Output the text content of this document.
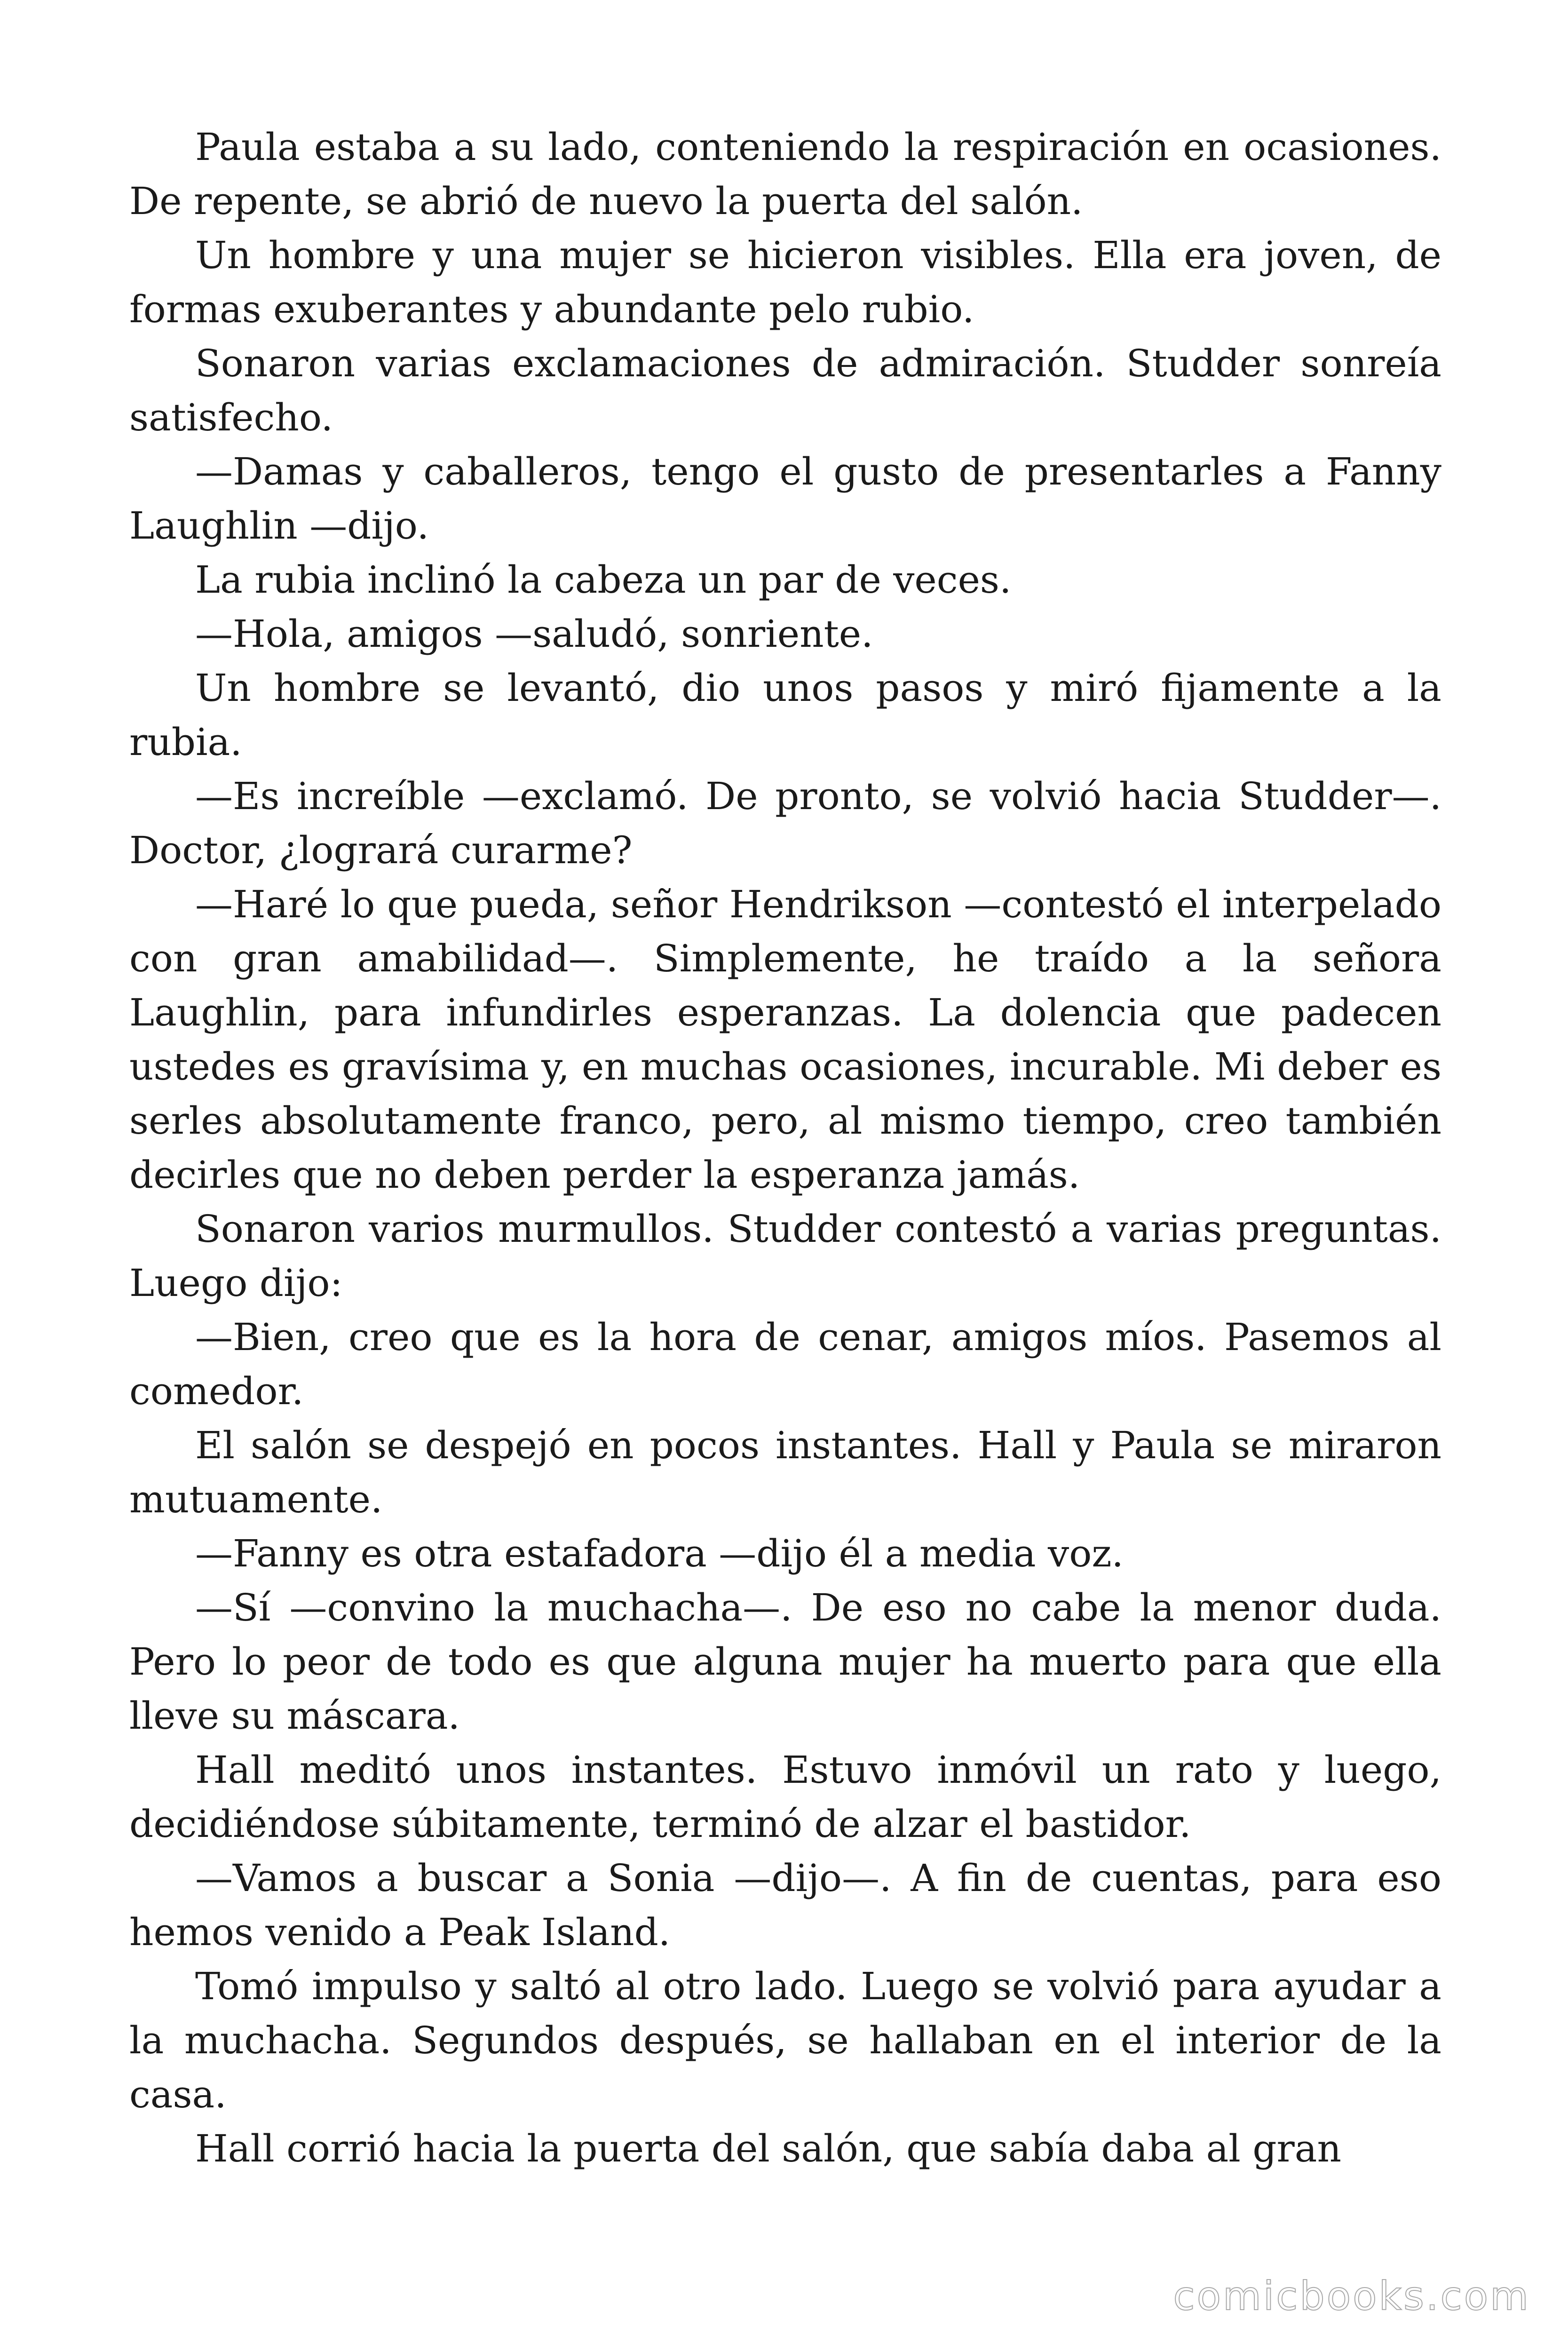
Paula estaba a su lado, conteniendo la respiración en ocasiones. De repente, se abrió de nuevo la puerta del salón.

Un hombre y una mujer se hicieron visibles. Ella era joven, de formas exuberantes y abundante pelo rubio.

Sonaron varias exclamaciones de admiración. Studder sonreía satisfecho.

—Damas y caballeros, tengo el gusto de presentarles a Fanny Laughlin —dijo.

La rubia inclinó la cabeza un par de veces.

—Hola, amigos —saludó, sonriente.

Un hombre se levantó, dio unos pasos y miró fijamente a la rubia.

—Es increíble —exclamó. De pronto, se volvió hacia Studder—. Doctor, ¿logrará curarme?

—Haré lo que pueda, señor Hendrikson —contestó el interpelado con gran amabilidad—. Simplemente, he traído a la señora Laughlin, para infundirles esperanzas. La dolencia que padecen ustedes es gravísima y, en muchas ocasiones, incurable. Mi deber es serles absolutamente franco, pero, al mismo tiempo, creo también decirles que no deben perder la esperanza jamás.

Sonaron varios murmullos. Studder contestó a varias preguntas. Luego dijo:

—Bien, creo que es la hora de cenar, amigos míos. Pasemos al comedor.

El salón se despejó en pocos instantes. Hall y Paula se miraron mutuamente.

—Fanny es otra estafadora —dijo él a media voz.

—Sí —convino la muchacha—. De eso no cabe la menor duda. Pero lo peor de todo es que alguna mujer ha muerto para que ella lleve su máscara.

Hall meditó unos instantes. Estuvo inmóvil un rato y luego, decidiéndose súbitamente, terminó de alzar el bastidor.

—Vamos a buscar a Sonia —dijo—. A fin de cuentas, para eso hemos venido a Peak Island.

Tomó impulso y saltó al otro lado. Luego se volvió para ayudar a la muchacha. Segundos después, se hallaban en el interior de la casa.

Hall corrió hacia la puerta del salón, que sabía daba al gran

comicbooks.com
